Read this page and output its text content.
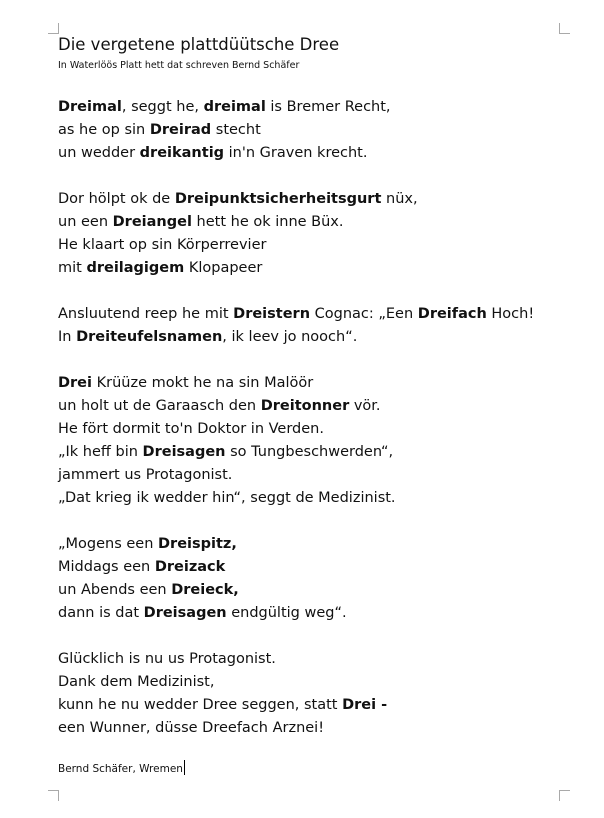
Die vergetene plattdüütsche Dree
In Waterlöös Platt hett dat schreven Bernd Schäfer
Dreimal, seggt he, dreimal is Bremer Recht,
as he op sin Dreirad stecht
un wedder dreikantig in'n Graven krecht.
Dor hölpt ok de Dreipunktsicherheitsgurt nüx,
un een Dreiangel hett he ok inne Büx.
He klaart op sin Körperrevier
mit dreilagigem Klopapeer
Ansluutend reep he mit Dreistern Cognac: „Een Dreifach Hoch!
In Dreiteufelsnamen, ik leev jo nooch“.
Drei Krüüze mokt he na sin Malöör
un holt ut de Garaasch den Dreitonner vör.
He fört dormit to'n Doktor in Verden.
„Ik heff bin Dreisagen so Tungbeschwerden“,
jammert us Protagonist.
„Dat krieg ik wedder hin“, seggt de Medizinist.
„Mogens een Dreispitz,
Middags een Dreizack
un Abends een Dreieck,
dann is dat Dreisagen endgültig weg“.
Glücklich is nu us Protagonist.
Dank dem Medizinist,
kunn he nu wedder Dree seggen, statt Drei -
een Wunner, düsse Dreefach Arznei!
Bernd Schäfer, Wremen
